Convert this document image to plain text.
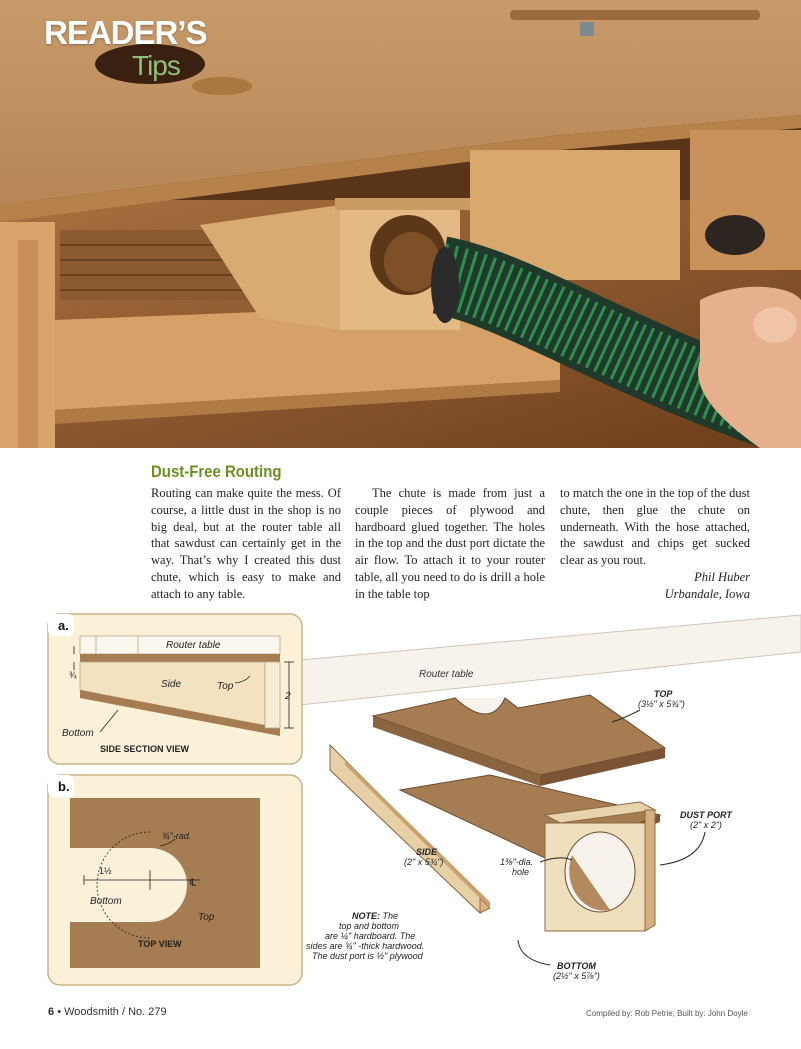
READER’S
Tips
Dust-Free Routing

Routing can make quite the mess. Of course, a little dust in the shop is no big deal, but at the router table all that sawdust can certainly get in the way. That’s why I created this dust chute, which is easy to make and attach to any table.

The chute is made from just a couple pieces of plywood and hardboard glued together. The holes in the top and the dust port dictate the air flow. To attach it to your router table, all you need to do is drill a hole in the table top

to match the one in the top of the dust chute, then glue the chute on underneath. With the hose attached, the sawdust and chips get sucked clear as you rout.

Phil Huber

Urbandale, Iowa

Router table
TOP
(3½" x 5¾")
SIDE
(2" x 5¾")
DUST PORT
(2" x 2")
1⅜"-dia.
hole
NOTE: The
top and bottom
are ¼" hardboard. The
sides are ¾" -thick hardwood.
The dust port is ½" plywood
BOTTOM
(2½" x 5⅞")
a.
Router table
¾
Side	Top
2
Bottom
SIDE SECTION VIEW
b.
¾"-rad.
1½
℄
Bottom
Top
TOP VIEW
6 • Woodsmith / No. 279	Compiled by: Rob Petrie; Built by: John Doyle
